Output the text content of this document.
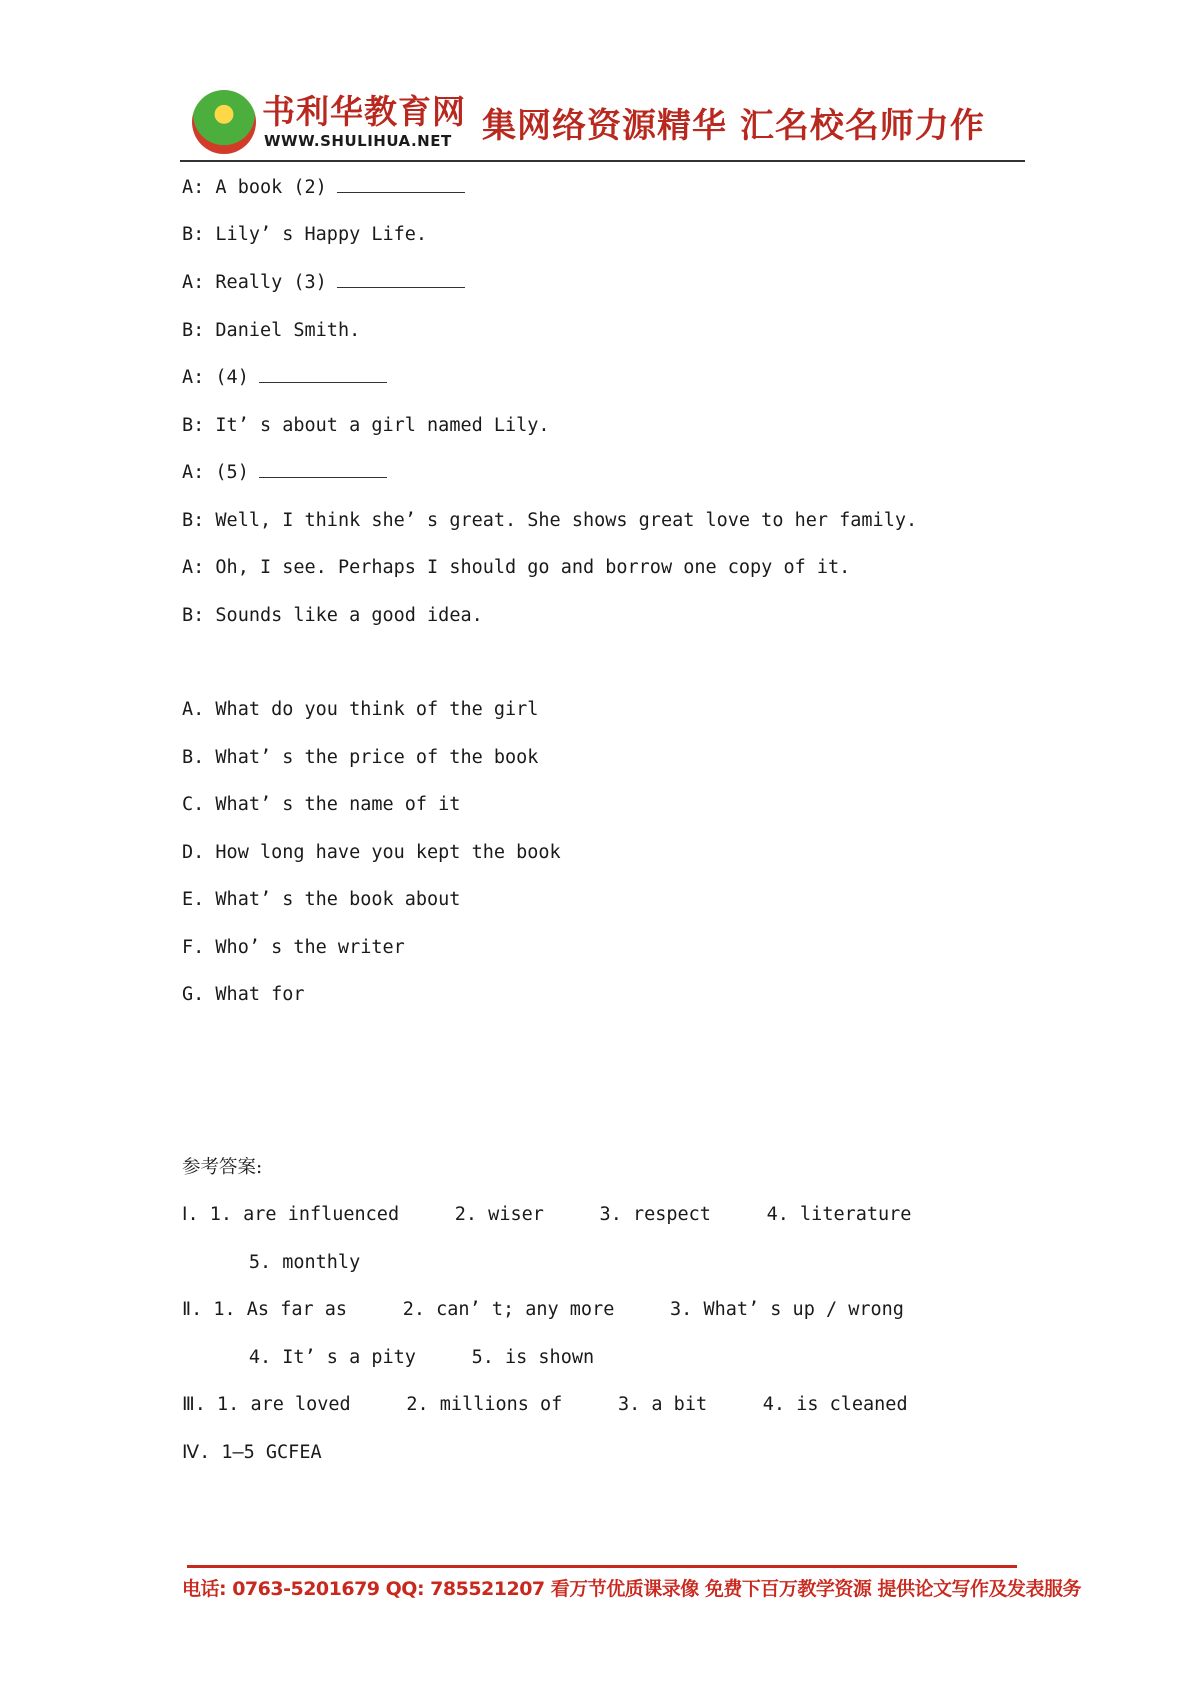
书利华教育网
WWW.SHULIHUA.NET 集网络资源精华 汇名校名师力作
A: A book (2)
B: Lily’ s Happy Life.
A: Really (3)
B: Daniel Smith.
A: (4)
B: It’ s about a girl named Lily.
A: (5)
B: Well, I think she’ s great. She shows great love to her family.
A: Oh, I see. Perhaps I should go and borrow one copy of it.
B: Sounds like a good idea.
A. What do you think of the girl
B. What’ s the price of the book
C. What’ s the name of it
D. How long have you kept the book
E. What’ s the book about
F. Who’ s the writer
G. What for
参考答案:
Ⅰ. 1. are influenced     2. wiser     3. respect     4. literature
5. monthly
Ⅱ. 1. As far as     2. can’ t; any more     3. What’ s up / wrong
4. It’ s a pity     5. is shown
Ⅲ. 1. are loved     2. millions of     3. a bit     4. is cleaned
Ⅳ. 1—5 GCFEA
电话: 0763-5201679 QQ: 785521207 看万节优质课录像 免费下百万教学资源 提供论文写作及发表服务
